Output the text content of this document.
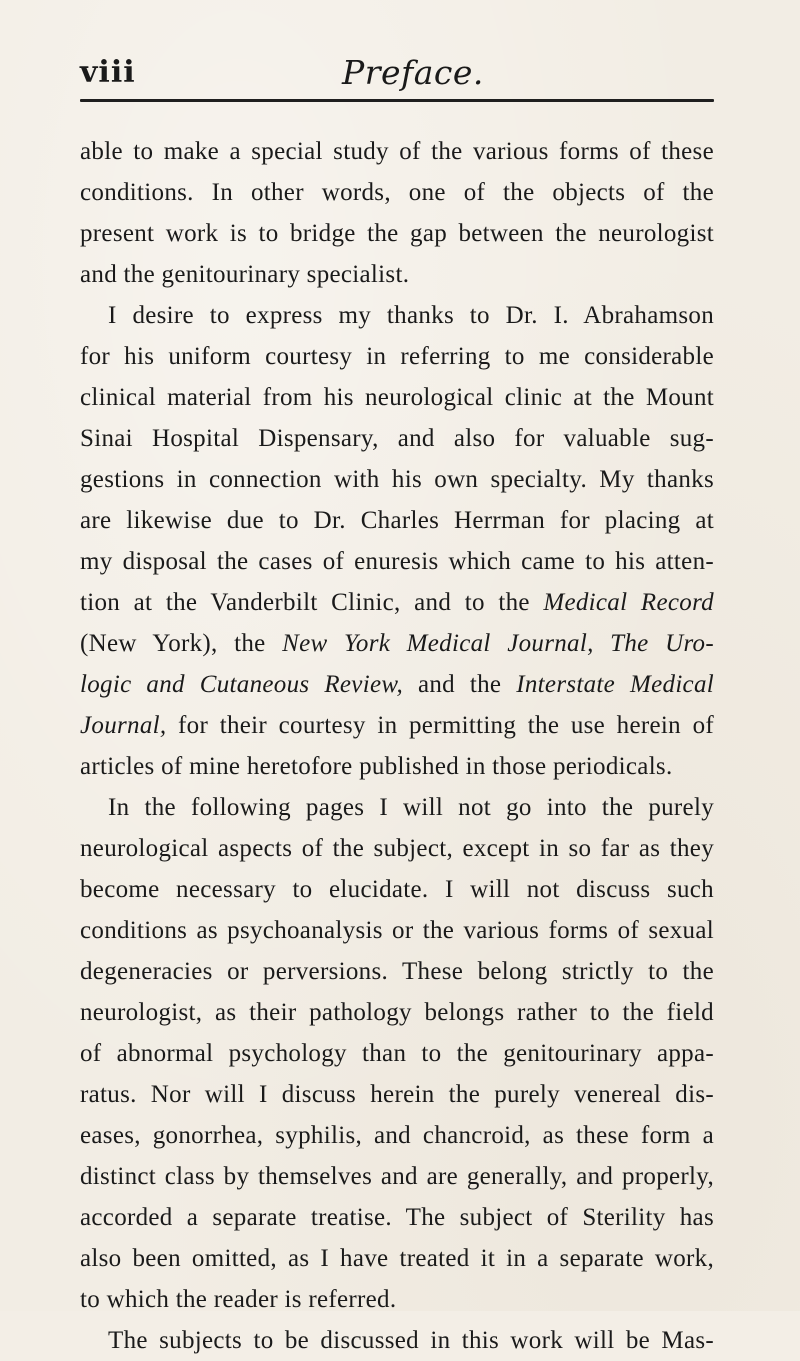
viii	Preface.
able to make a special study of the various forms of these
conditions. In other words, one of the objects of the
present work is to bridge the gap between the neurologist
and the genitourinary specialist.
I desire to express my thanks to Dr. I. Abrahamson
for his uniform courtesy in referring to me considerable
clinical material from his neurological clinic at the Mount
Sinai Hospital Dispensary, and also for valuable sug-
gestions in connection with his own specialty. My thanks
are likewise due to Dr. Charles Herrman for placing at
my disposal the cases of enuresis which came to his atten-
tion at the Vanderbilt Clinic, and to the Medical Record
(New York), the New York Medical Journal, The Uro-
logic and Cutaneous Review, and the Interstate Medical
Journal, for their courtesy in permitting the use herein of
articles of mine heretofore published in those periodicals.
In the following pages I will not go into the purely
neurological aspects of the subject, except in so far as they
become necessary to elucidate. I will not discuss such
conditions as psychoanalysis or the various forms of sexual
degeneracies or perversions. These belong strictly to the
neurologist, as their pathology belongs rather to the field
of abnormal psychology than to the genitourinary appa-
ratus. Nor will I discuss herein the purely venereal dis-
eases, gonorrhea, syphilis, and chancroid, as these form a
distinct class by themselves and are generally, and properly,
accorded a separate treatise. The subject of Sterility has
also been omitted, as I have treated it in a separate work,
to which the reader is referred.
The subjects to be discussed in this work will be Mas-
